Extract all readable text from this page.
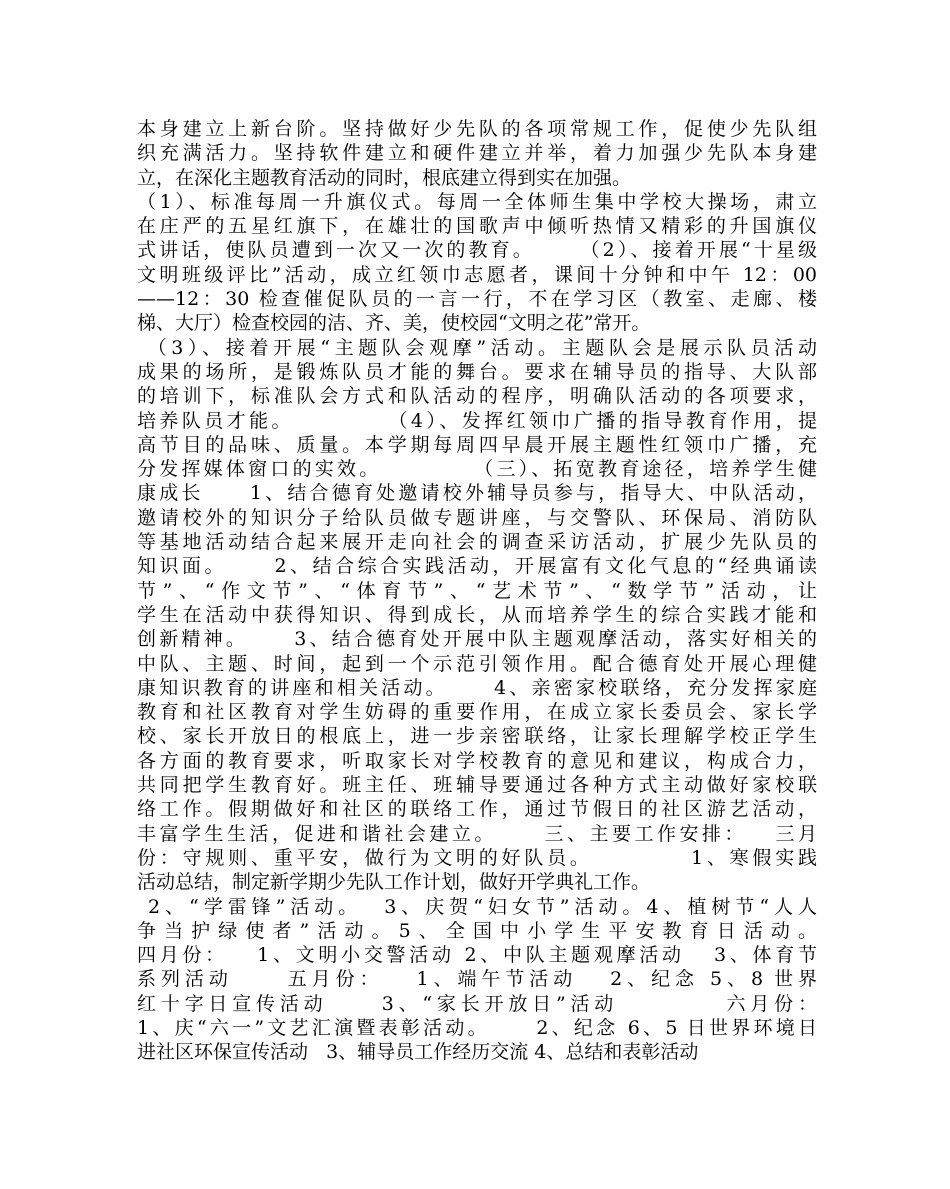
本身建立上新台阶。坚持做好少先队的各项常规工作，促使少先队组
织充满活力。坚持软件建立和硬件建立并举，着力加强少先队本身建
立，在深化主题教育活动的同时，根底建立得到实在加强。
（1）、标准每周一升旗仪式。每周一全体师生集中学校大操场，肃立
在庄严的五星红旗下，在雄壮的国歌声中倾听热情又精彩的升国旗仪
式讲话，使队员遭到一次又一次的教育。     （2）、接着开展“十星级
文明班级评比”活动，成立红领巾志愿者，课间十分钟和中午 12：00
——12：30 检查催促队员的一言一行，不在学习区（教室、走廊、楼
梯、大厅）检查校园的洁、齐、美，使校园“文明之花”常开。
（3）、接着开展“主题队会观摩”活动。主题队会是展示队员活动
成果的场所，是锻炼队员才能的舞台。要求在辅导员的指导、大队部
的培训下，标准队会方式和队活动的程序，明确队活动的各项要求，
培养队员才能。          （4）、发挥红领巾广播的指导教育作用，提
高节目的品味、质量。本学期每周四早晨开展主题性红领巾广播，充
分发挥媒体窗口的实效。          （三）、拓宽教育途径，培养学生健
康成长     1、结合德育处邀请校外辅导员参与，指导大、中队活动，
邀请校外的知识分子给队员做专题讲座，与交警队、环保局、消防队
等基地活动结合起来展开走向社会的调查采访活动，扩展少先队员的
知识面。     2、结合综合实践活动，开展富有文化气息的“经典诵读
节”、“作文节”、“体育节”、“艺术节”、“数学节”活动，让
学生在活动中获得知识、得到成长，从而培养学生的综合实践才能和
创新精神。     3、结合德育处开展中队主题观摩活动，落实好相关的
中队、主题、时间，起到一个示范引领作用。配合德育处开展心理健
康知识教育的讲座和相关活动。     4、亲密家校联络，充分发挥家庭
教育和社区教育对学生妨碍的重要作用，在成立家长委员会、家长学
校、家长开放日的根底上，进一步亲密联络，让家长理解学校正学生
各方面的教育要求，听取家长对学校教育的意见和建议，构成合力，
共同把学生教育好。班主任、班辅导要通过各种方式主动做好家校联
络工作。假期做好和社区的联络工作，通过节假日的社区游艺活动，
丰富学生生活，促进和谐社会建立。     三、主要工作安排：   三月
份：守规则、重平安，做行为文明的好队员。          1、寒假实践
活动总结，制定新学期少先队工作计划，做好开学典礼工作。
2、“学雷锋”活动。  3、庆贺“妇女节”活动。4、植树节“人人
争当护绿使者”活动。5、全国中小学生平安教育日活动。
四月份：   1、文明小交警活动 2、中队主题观摩活动   3、体育节
系列活动     五月份：   1、端午节活动   2、纪念 5、8 世界
红十字日宣传活动     3、“家长开放日”活动          六月份：
1、庆“六一”文艺汇演暨表彰活动。     2、纪念 6、5 日世界环境日
进社区环保宣传活动   3、辅导员工作经历交流 4、总结和表彰活动
